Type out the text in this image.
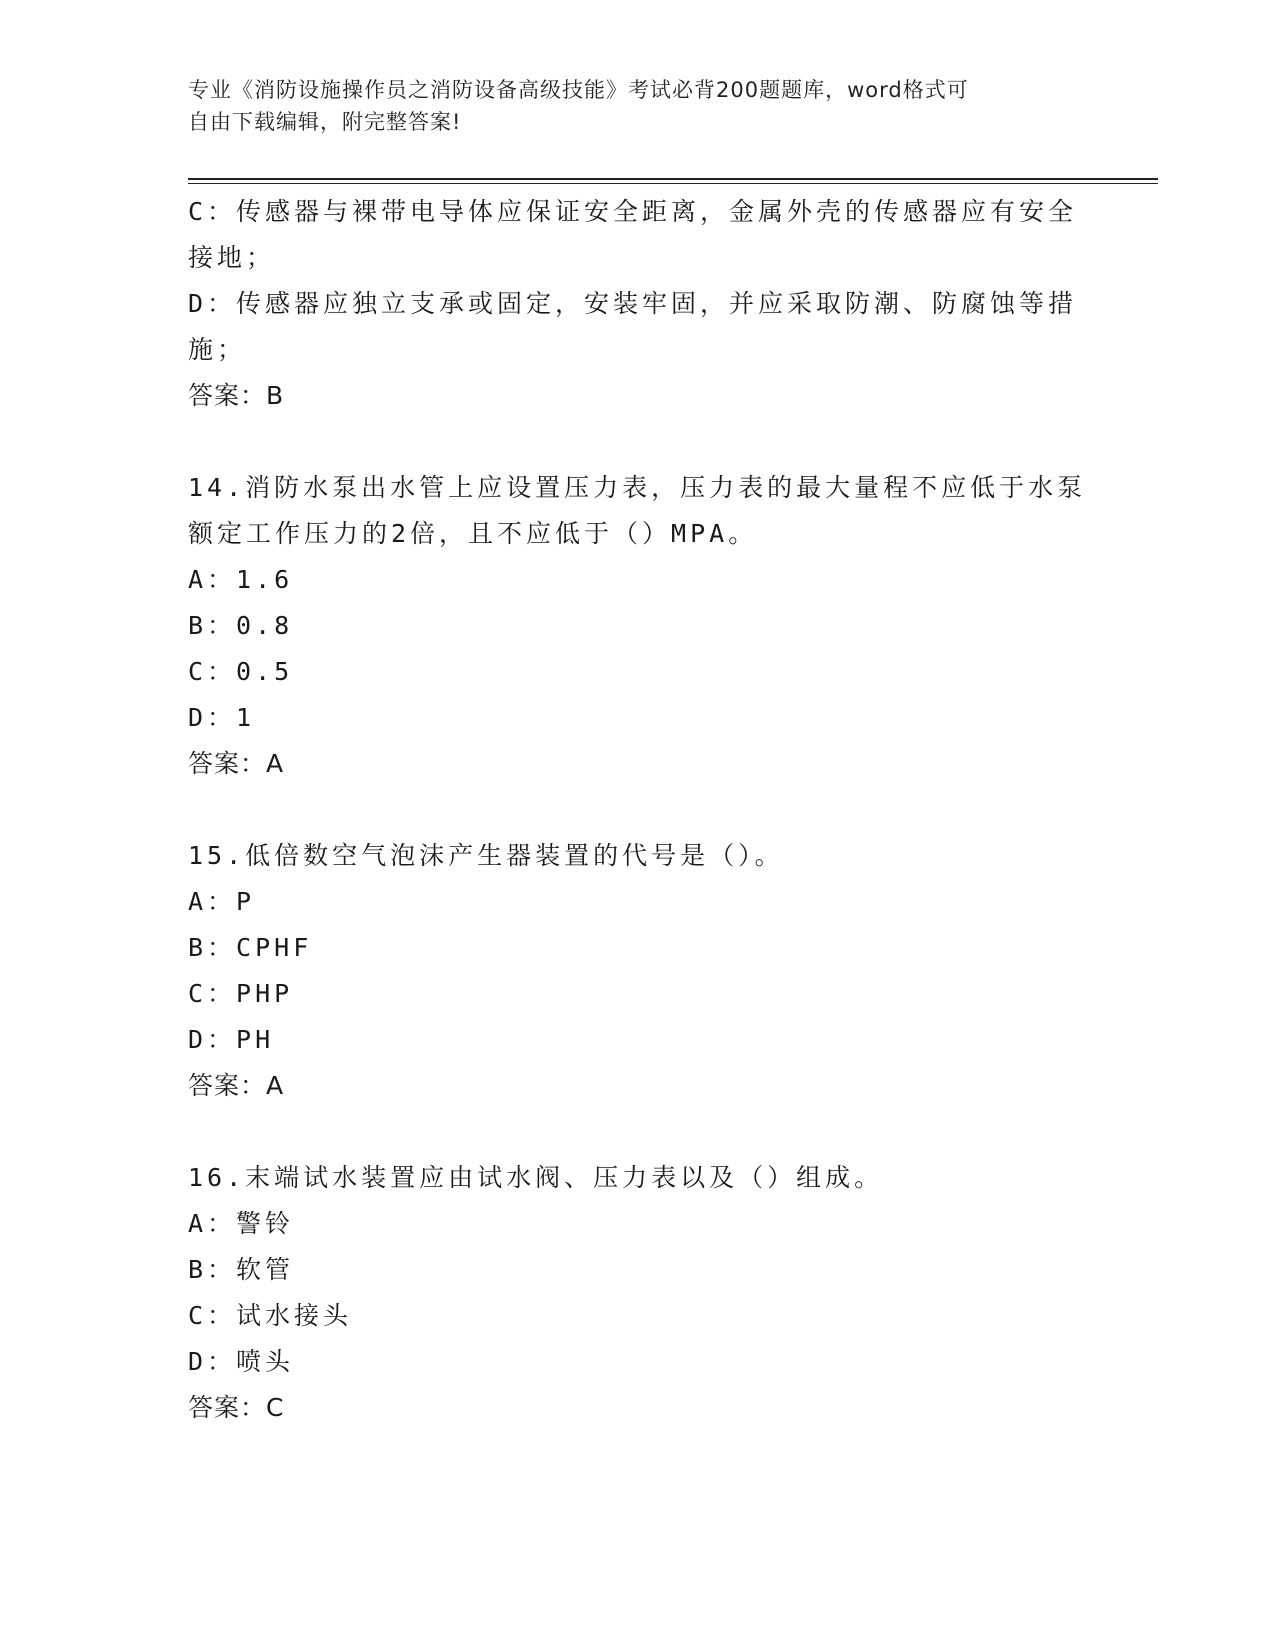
专业《消防设施操作员之消防设备高级技能》考试必背200题题库，word格式可
自由下载编辑，附完整答案!
C：传感器与裸带电导体应保证安全距离，金属外壳的传感器应有安全
接地；
D：传感器应独立支承或固定，安装牢固，并应采取防潮、防腐蚀等措
施；
答案：B
14.消防水泵出水管上应设置压力表，压力表的最大量程不应低于水泵
额定工作压力的2倍，且不应低于（）MPA。
A：1.6
B：0.8
C：0.5
D：1
答案：A
15.低倍数空气泡沫产生器装置的代号是（）。
A：P
B：CPHF
C：PHP
D：PH
答案：A
16.末端试水装置应由试水阀、压力表以及（）组成。
A：警铃
B：软管
C：试水接头
D：喷头
答案：C
